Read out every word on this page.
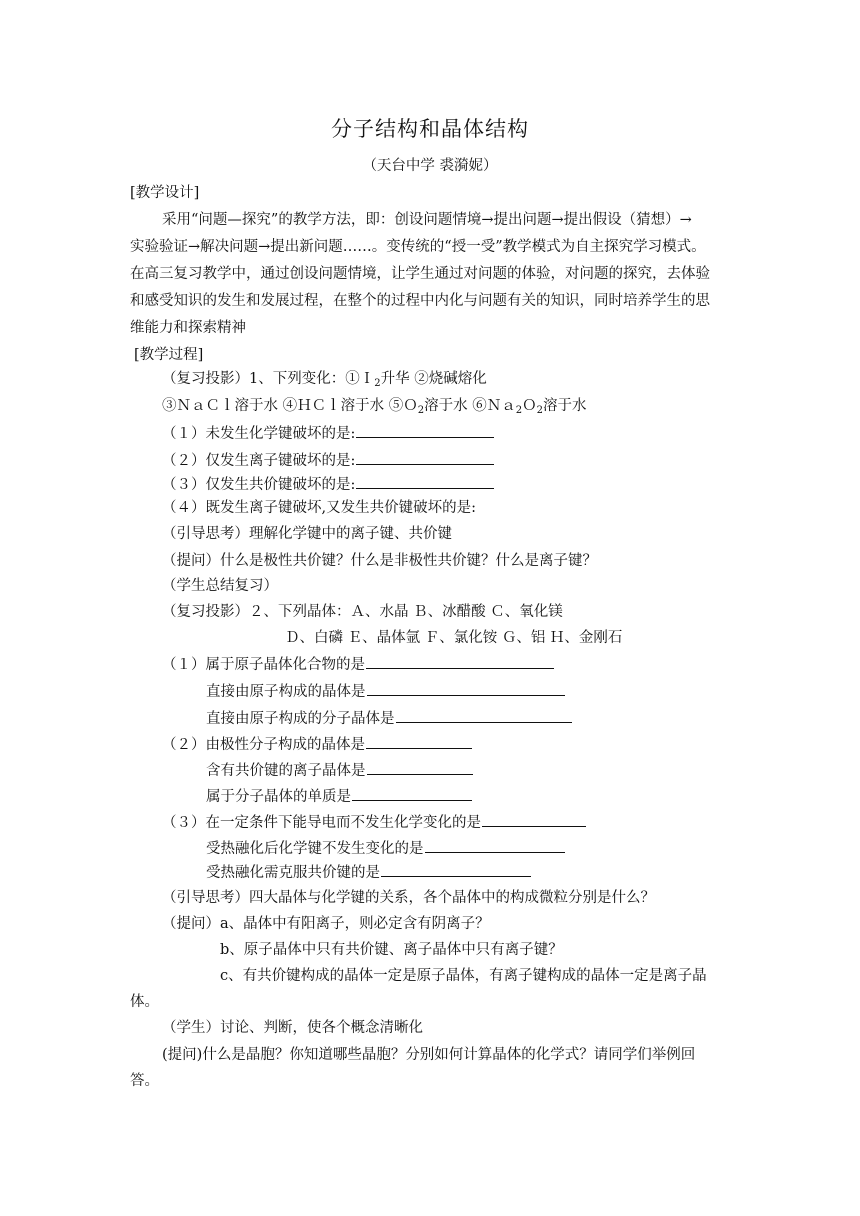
分子结构和晶体结构
（天台中学 裘漪妮）
[教学设计]
采用“问题—探究”的教学方法，即：创设问题情境→提出问题→提出假设（猜想）→
实验验证→解决问题→提出新问题……。变传统的“授一受”教学模式为自主探究学习模式。
在高三复习教学中，通过创设问题情境，让学生通过对问题的体验，对问题的探究，去体验
和感受知识的发生和发展过程，在整个的过程中内化与问题有关的知识，同时培养学生的思
维能力和探索精神
[教学过程]
（复习投影）1、下列变化：①Ｉ$_2$升华 ②烧碱熔化
③ＮａＣｌ溶于水 ④ＨＣｌ溶于水 ⑤Ｏ$_2$溶于水 ⑥Ｎａ$_2$Ｏ$_2$溶于水
（１）未发生化学键破坏的是:
（２）仅发生离子键破坏的是:
（３）仅发生共价键破坏的是:
（４）既发生离子键破坏,又发生共价键破坏的是:
（引导思考）理解化学键中的离子键、共价键
（提问）什么是极性共价键？什么是非极性共价键？什么是离子键？
（学生总结复习）
（复习投影）２、下列晶体：Ａ、水晶 Ｂ、冰醋酸 Ｃ、氧化镁
Ｄ、白磷 Ｅ、晶体氩 Ｆ、氯化铵 Ｇ、铝 Ｈ、金刚石
（１）属于原子晶体化合物的是
直接由原子构成的晶体是
直接由原子构成的分子晶体是
（２）由极性分子构成的晶体是
含有共价键的离子晶体是
属于分子晶体的单质是
（３）在一定条件下能导电而不发生化学变化的是
受热融化后化学键不发生变化的是
受热融化需克服共价键的是
（引导思考）四大晶体与化学键的关系，各个晶体中的构成微粒分别是什么？
（提问）a、晶体中有阳离子，则必定含有阴离子？
b、原子晶体中只有共价键、离子晶体中只有离子键？
c、有共价键构成的晶体一定是原子晶体，有离子键构成的晶体一定是离子晶
体。
（学生）讨论、判断，使各个概念清晰化
(提问)什么是晶胞？你知道哪些晶胞？分别如何计算晶体的化学式？请同学们举例回
答。
